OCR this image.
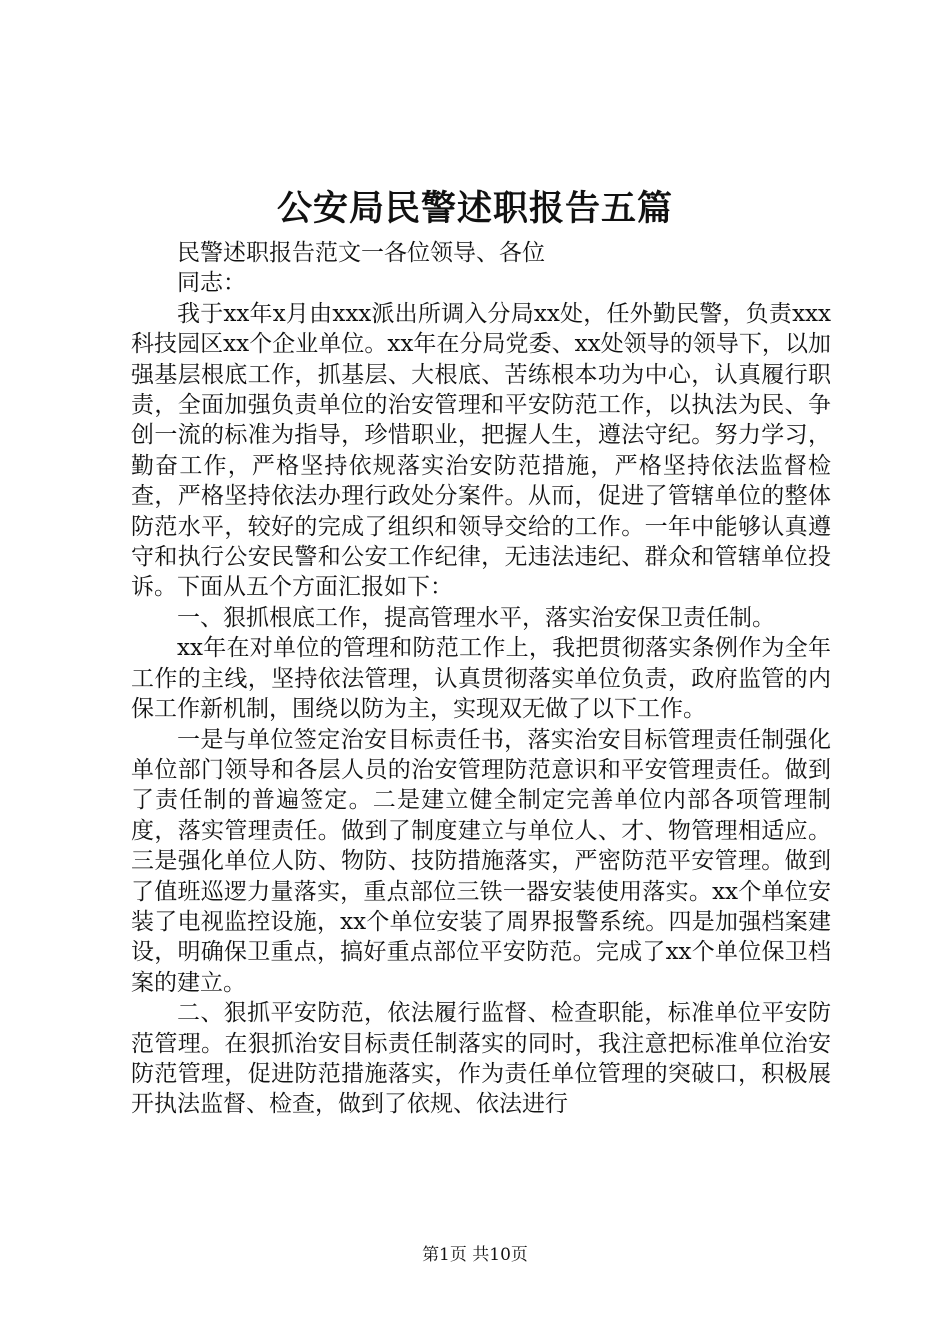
公安局民警述职报告五篇

民警述职报告范文一各位领导、各位

同志：

我于xx年x月由xxx派出所调入分局xx处，任外勤民警，负责xxx科技园区xx个企业单位。xx年在分局党委、xx处领导的领导下，以加强基层根底工作，抓基层、大根底、苦练根本功为中心，认真履行职责，全面加强负责单位的治安管理和平安防范工作，以执法为民、争创一流的标准为指导，珍惜职业，把握人生，遵法守纪。努力学习，勤奋工作，严格坚持依规落实治安防范措施，严格坚持依法监督检查，严格坚持依法办理行政处分案件。从而，促进了管辖单位的整体防范水平，较好的完成了组织和领导交给的工作。一年中能够认真遵守和执行公安民警和公安工作纪律，无违法违纪、群众和管辖单位投诉。下面从五个方面汇报如下：

一、狠抓根底工作，提高管理水平，落实治安保卫责任制。

xx年在对单位的管理和防范工作上，我把贯彻落实条例作为全年工作的主线，坚持依法管理，认真贯彻落实单位负责，政府监管的内保工作新机制，围绕以防为主，实现双无做了以下工作。

一是与单位签定治安目标责任书，落实治安目标管理责任制强化单位部门领导和各层人员的治安管理防范意识和平安管理责任。做到了责任制的普遍签定。二是建立健全制定完善单位内部各项管理制度，落实管理责任。做到了制度建立与单位人、才、物管理相适应。三是强化单位人防、物防、技防措施落实，严密防范平安管理。做到了值班巡逻力量落实，重点部位三铁一器安装使用落实。xx个单位安装了电视监控设施，xx个单位安装了周界报警系统。四是加强档案建设，明确保卫重点，搞好重点部位平安防范。完成了xx个单位保卫档案的建立。

二、狠抓平安防范，依法履行监督、检查职能，标准单位平安防范管理。在狠抓治安目标责任制落实的同时，我注意把标准单位治安防范管理，促进防范措施落实，作为责任单位管理的突破口，积极展开执法监督、检查，做到了依规、依法进行

第1页 共10页
